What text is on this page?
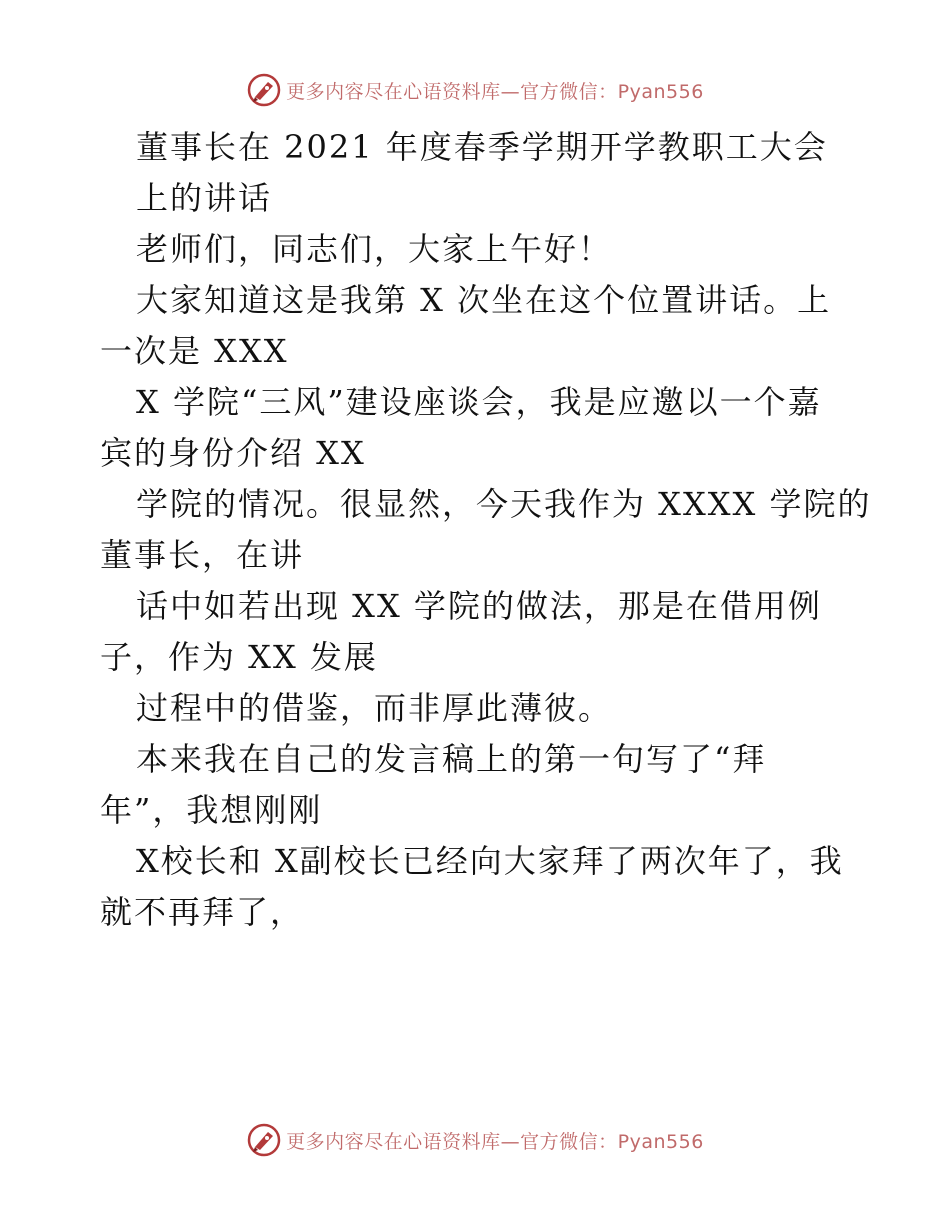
更多内容尽在心语资料库—官方微信：Pyan556
董事长在 2021 年度春季学期开学教职工大会
上的讲话
老师们，同志们，大家上午好！
大家知道这是我第 X 次坐在这个位置讲话。上
一次是 XXX
X 学院“三风”建设座谈会，我是应邀以一个嘉
宾的身份介绍 XX
学院的情况。很显然，今天我作为 XXXX 学院的
董事长，在讲
话中如若出现 XX 学院的做法，那是在借用例
子，作为 XX 发展
过程中的借鉴，而非厚此薄彼。
本来我在自己的发言稿上的第一句写了“拜
年”，我想刚刚
X校长和 X副校长已经向大家拜了两次年了，我
就不再拜了，
更多内容尽在心语资料库—官方微信：Pyan556
